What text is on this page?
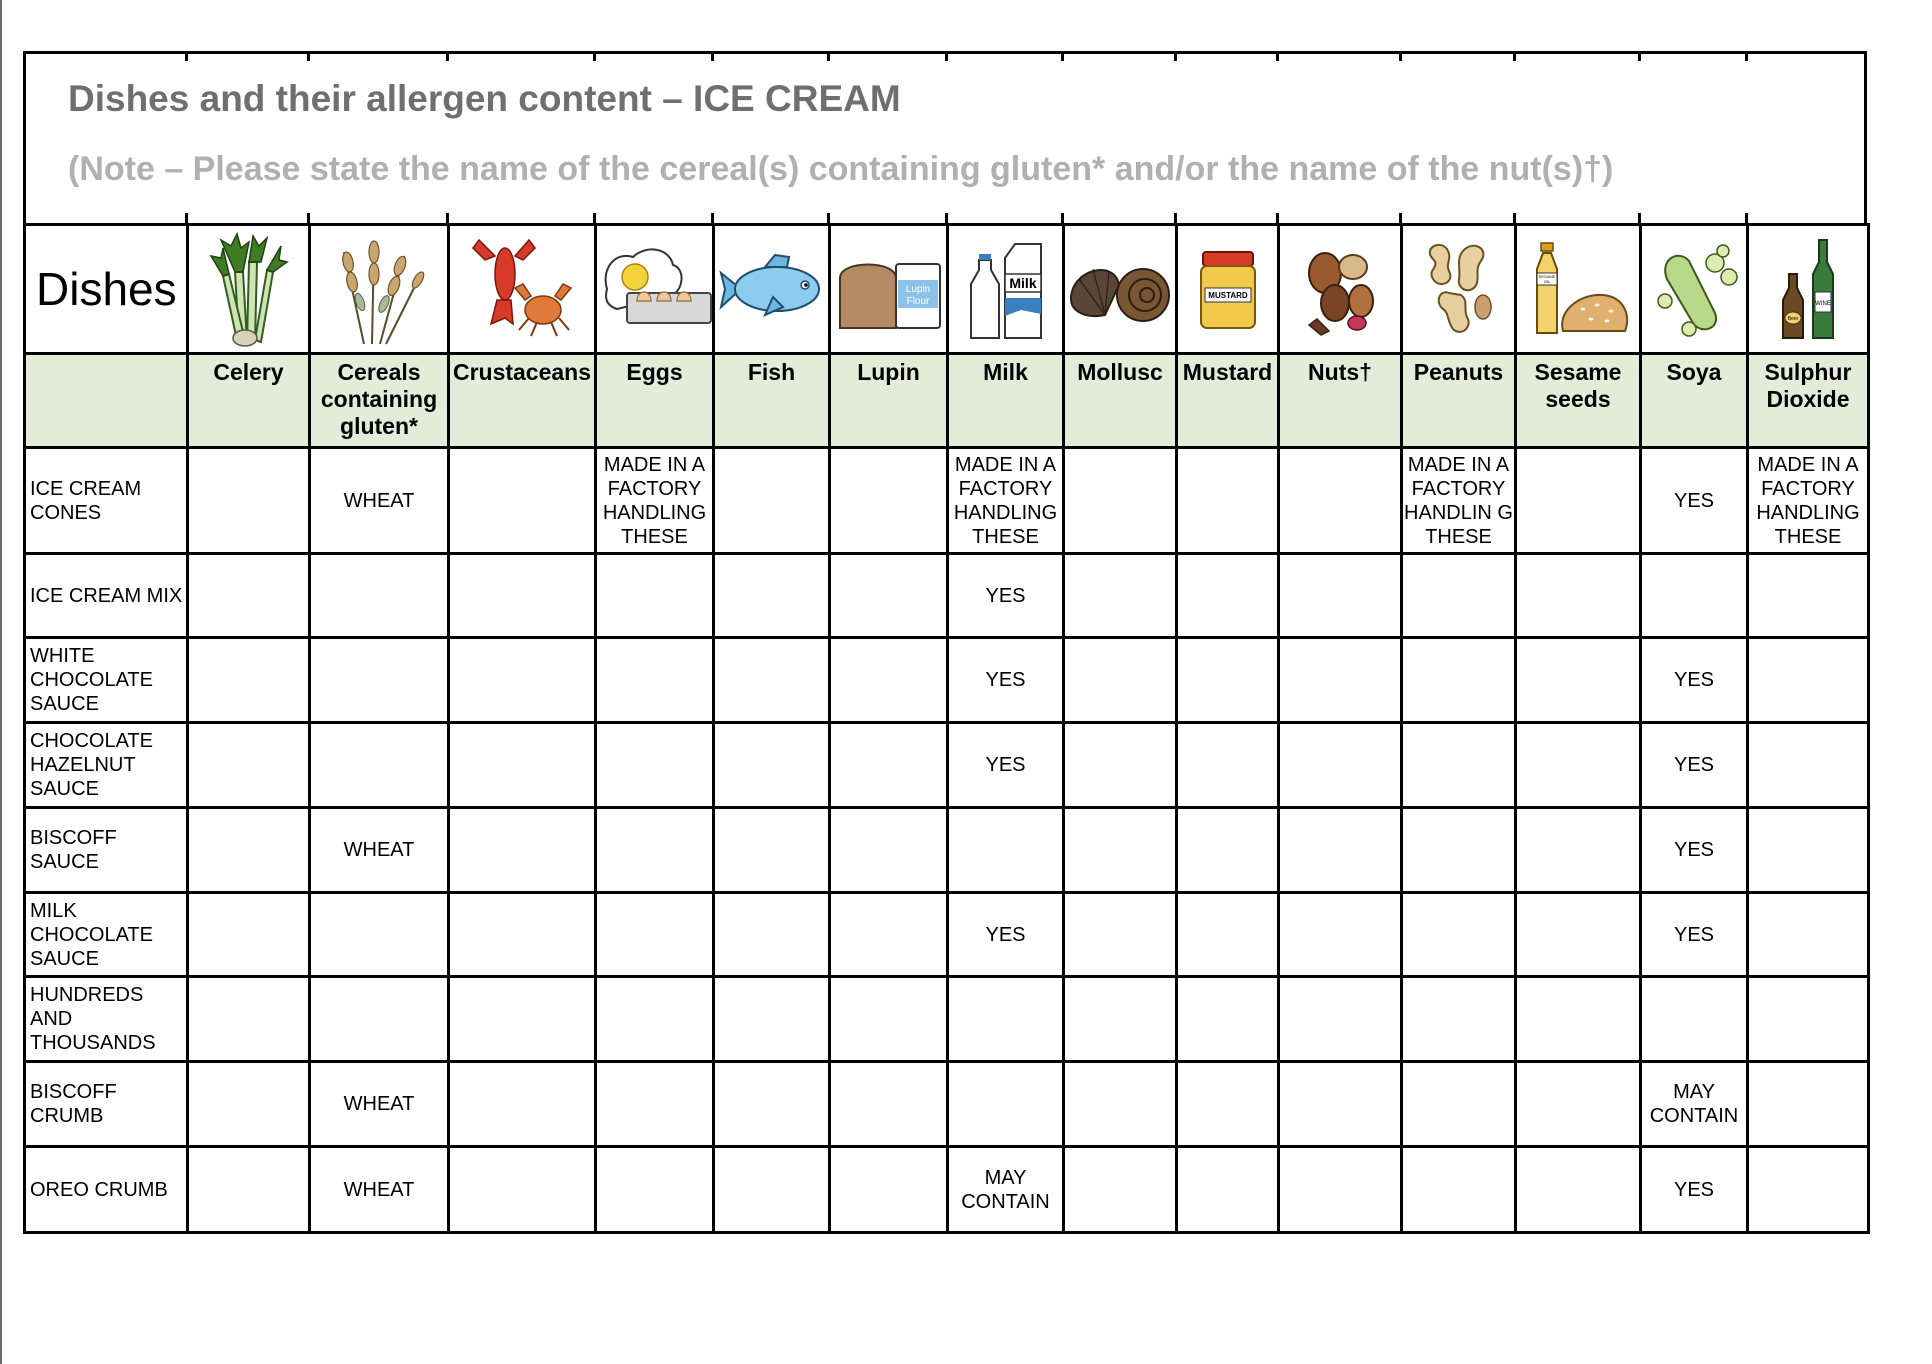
Dishes and their allergen content – ICE CREAM

(Note – Please state the name of the cereal(s) containing gluten* and/or the name of the nut(s)†)

Dishes						Lupin
Flour	Milk		MUSTARD			SESAME
OIL		WINE
Beer

	Celery	Cereals containing gluten*	Crustaceans	Eggs	Fish	Lupin	Milk	Mollusc	Mustard	Nuts†	Peanuts	Sesame seeds	Soya	Sulphur Dioxide
ICE CREAM CONES		WHEAT		MADE IN A FACTORY HANDLING THESE			MADE IN A FACTORY HANDLING THESE				MADE IN A FACTORY HANDLIN G THESE		YES	MADE IN A FACTORY HANDLING THESE
ICE CREAM MIX							YES							
WHITE CHOCOLATE SAUCE							YES						YES	
CHOCOLATE HAZELNUT SAUCE							YES						YES	
BISCOFF SAUCE		WHEAT											YES	
MILK CHOCOLATE SAUCE							YES						YES	
HUNDREDS AND THOUSANDS														
BISCOFF CRUMB		WHEAT											MAY CONTAIN	
OREO CRUMB		WHEAT					MAY CONTAIN						YES	
